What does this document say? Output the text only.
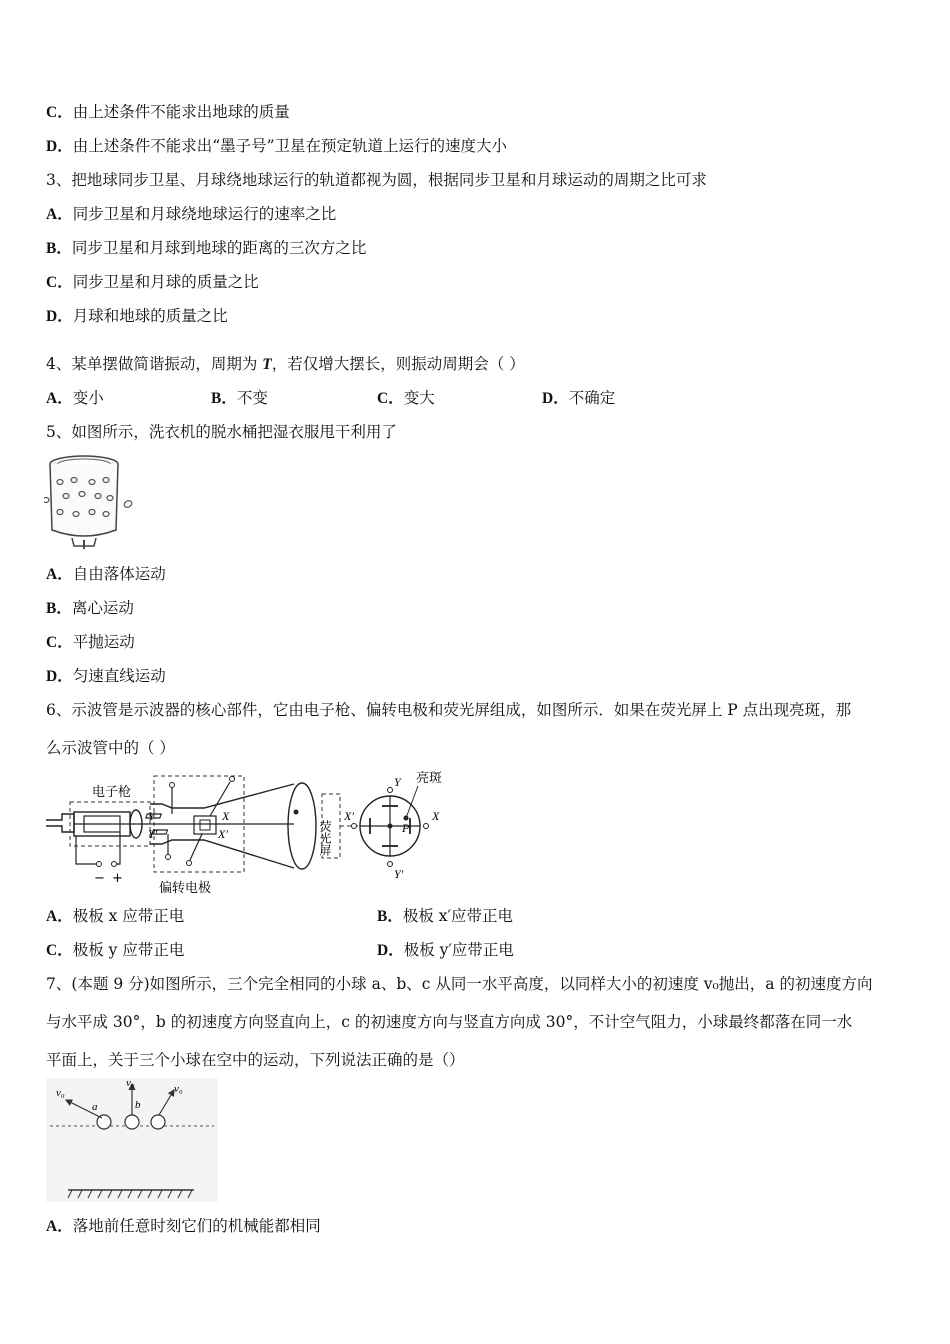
C．由上述条件不能求出地球的质量
D．由上述条件不能求出“墨子号”卫星在预定轨道上运行的速度大小
3、把地球同步卫星、月球绕地球运行的轨道都视为圆，根据同步卫星和月球运动的周期之比可求
A．同步卫星和月球绕地球运行的速率之比
B．同步卫星和月球到地球的距离的三次方之比
C．同步卫星和月球的质量之比
D．月球和地球的质量之比
4、某单摆做简谐振动，周期为 T，若仅增大摆长，则振动周期会（ ）
A．变小	B．不变	C．变大	D．不确定
5、如图所示，洗衣机的脱水桶把湿衣服甩干利用了
A．自由落体运动
B．离心运动
C．平抛运动
D．匀速直线运动
6、示波管是示波器的核心部件，它由电子枪、偏转电极和荧光屏组成，如图所示．如果在荧光屏上 P 点出现亮斑，那
么示波管中的（ ）
电子枪
− +
偏转电极
Y
Y′
X
X′	荧光屏
亮斑
Y
Y′
X
X′
P
A．极板 x 应带正电	B．极板 x′应带正电
C．极板 y 应带正电	D．极板 y′应带正电
7、(本题 9 分)如图所示，三个完全相同的小球 a、b、c 从同一水平高度，以同样大小的初速度 v₀抛出，a 的初速度方向
与水平成 30°，b 的初速度方向竖直向上，c 的初速度方向与竖直方向成 30°，不计空气阻力，小球最终都落在同一水
平面上，关于三个小球在空中的运动，下列说法正确的是（）
v₀
v₀	v₀
a	b
A．落地前任意时刻它们的机械能都相同
